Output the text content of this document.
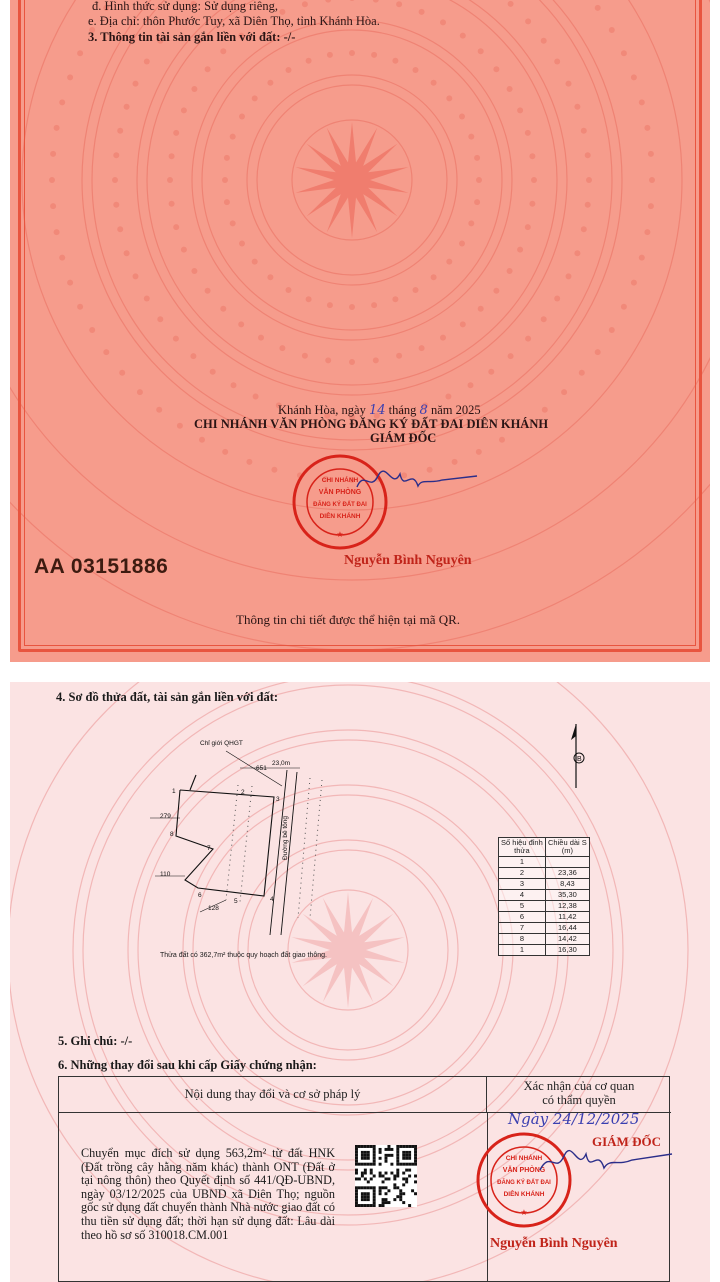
đ. Hình thức sử dụng: Sử dụng riêng,
e. Địa chỉ: thôn Phước Tuy, xã Diên Thọ, tỉnh Khánh Hòa.
3. Thông tin tài sản gắn liền với đất: -/-
Khánh Hòa, ngày 14 tháng 8 năm 2025
CHI NHÁNH VĂN PHÒNG ĐĂNG KÝ ĐẤT ĐAI DIÊN KHÁNH
GIÁM ĐỐC
CHI NHÁNH
VĂN PHÒNG
ĐĂNG KÝ ĐẤT ĐAI
DIÊN KHÁNH
★
AA 03151886	Nguyễn Bình Nguyên
Thông tin chi tiết được thể hiện tại mã QR.
4. Sơ đồ thửa đất, tài sản gắn liền với đất:
Chỉ giới QHGT
651
23,0m
279
110
128
Đường bê tông
1	2
3
4
5
6
7
8
Thửa đất có 362,7m² thuộc quy hoạch đất giao thông.
B
Số hiệu đỉnh thửa	Chiều dài S (m)
1	
2	23,36
3	8,43
4	35,30
5	12,38
6	11,42
7	16,44
8	14,42
1	16,30
5. Ghi chú: -/-
6. Những thay đổi sau khi cấp Giấy chứng nhận:
Nội dung thay đổi và cơ sở pháp lý
Xác nhận của cơ quan
có thẩm quyền
Chuyển mục đích sử dụng 563,2m² từ đất HNK (Đất trồng cây hằng năm khác) thành ONT (Đất ở tại nông thôn) theo Quyết định số 441/QĐ-UBND, ngày 03/12/2025 của UBND xã Diên Thọ; nguồn gốc sử dụng đất chuyển thành Nhà nước giao đất có thu tiền sử dụng đất; thời hạn sử dụng đất: Lâu dài theo hồ sơ số 310018.CM.001
Ngày 24/12/2025
GIÁM ĐỐC
CHI NHÁNH
VĂN PHÒNG
ĐĂNG KÝ ĐẤT ĐAI
DIÊN KHÁNH
★
Nguyễn Bình Nguyên
